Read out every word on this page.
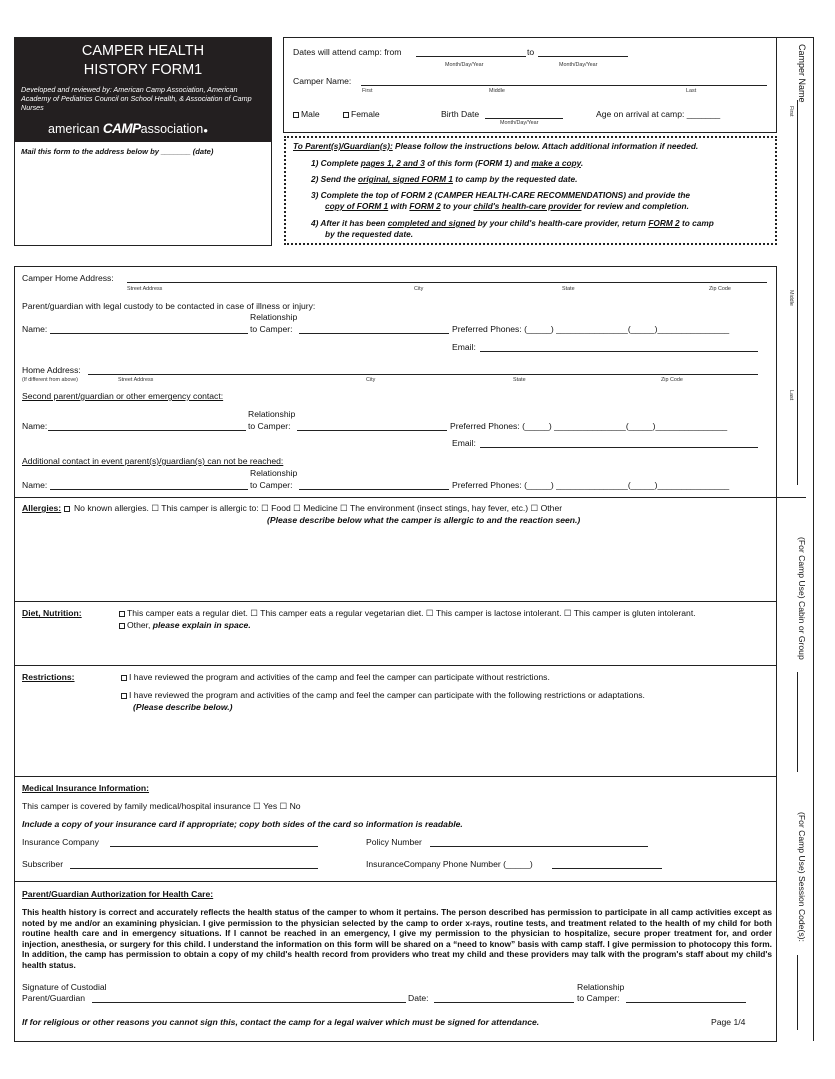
CAMPER HEALTH
HISTORY FORM1
Developed and reviewed by: American Camp Association, American Academy of Pediatrics Council on School Health, & Association of Camp Nurses
american CAMPassociation●
Mail this form to the address below by _______ (date)
Dates will attend camp: from	to
Month/Day/Year	Month/Day/Year
Camper Name:
First	Middle	Last
Male	Female	Birth Date
Month/Day/Year
Age on arrival at camp: _______
To Parent(s)/Guardian(s): Please follow the instructions below. Attach additional information if needed.
1) Complete pages 1, 2 and 3 of this form (FORM 1) and make a copy.
2) Send the original, signed FORM 1 to camp by the requested date.
3) Complete the top of FORM 2 (CAMPER HEALTH-CARE RECOMMENDATIONS) and provide the
copy of FORM 1 with FORM 2 to your child's health-care provider for review and completion.
4) After it has been completed and signed by your child's health-care provider, return FORM 2 to camp
by the requested date.
Camper Name
First
Middle
Last
(For Camp Use) Cabin or Group
(For Camp Use) Session Code(s):
Camper Home Address:
Street Address	City	State	Zip Code
Parent/guardian with legal custody to be contacted in case of illness or injury:
Relationship
Name:	to Camper:	Preferred Phones: (_____) _______________(_____)_______________
Email:
Home Address:
(If different from above)	Street Address	City	State	Zip Code
Second parent/guardian or other emergency contact:
Relationship
Name:	to Camper:	Preferred Phones: (_____) _______________(_____)_______________
Email:
Additional contact in event parent(s)/guardian(s) can not be reached:
Relationship
Name:	to Camper:	Preferred Phones: (_____) _______________(_____)_______________
Allergies:  No known allergies. ☐ This camper is allergic to: ☐ Food ☐ Medicine ☐ The environment (insect stings, hay fever, etc.) ☐ Other
(Please describe below what the camper is allergic to and the reaction seen.)
Diet, Nutrition:	This camper eats a regular diet. ☐ This camper eats a regular vegetarian diet. ☐ This camper is lactose intolerant. ☐ This camper is gluten intolerant.
Other, please explain in space.
Restrictions:	I have reviewed the program and activities of the camp and feel the camper can participate without restrictions.
I have reviewed the program and activities of the camp and feel the camper can participate with the following restrictions or adaptations.
(Please describe below.)
Medical Insurance Information:
This camper is covered by family medical/hospital insurance ☐ Yes ☐ No
Include a copy of your insurance card if appropriate; copy both sides of the card so information is readable.
Insurance Company	Policy Number
Subscriber	InsuranceCompany Phone Number (_____)
Parent/Guardian Authorization for Health Care:
This health history is correct and accurately reflects the health status of the camper to whom it pertains. The person described has permission to participate in all camp activities except as noted by me and/or an examining physician. I give permission to the physician selected by the camp to order x-rays, routine tests, and treatment related to the health of my child for both routine health care and in emergency situations. If I cannot be reached in an emergency, I give my permission to the physician to hospitalize, secure proper treatment for, and order injection, anesthesia, or surgery for this child. I understand the information on this form will be shared on a “need to know” basis with camp staff. I give permission to photocopy this form. In addition, the camp has permission to obtain a copy of my child's health record from providers who treat my child and these providers may talk with the program's staff about my child's health status.
Signature of Custodial
Parent/Guardian	Date:
Relationship
to Camper:
If for religious or other reasons you cannot sign this, contact the camp for a legal waiver which must be signed for attendance.	Page 1/4
